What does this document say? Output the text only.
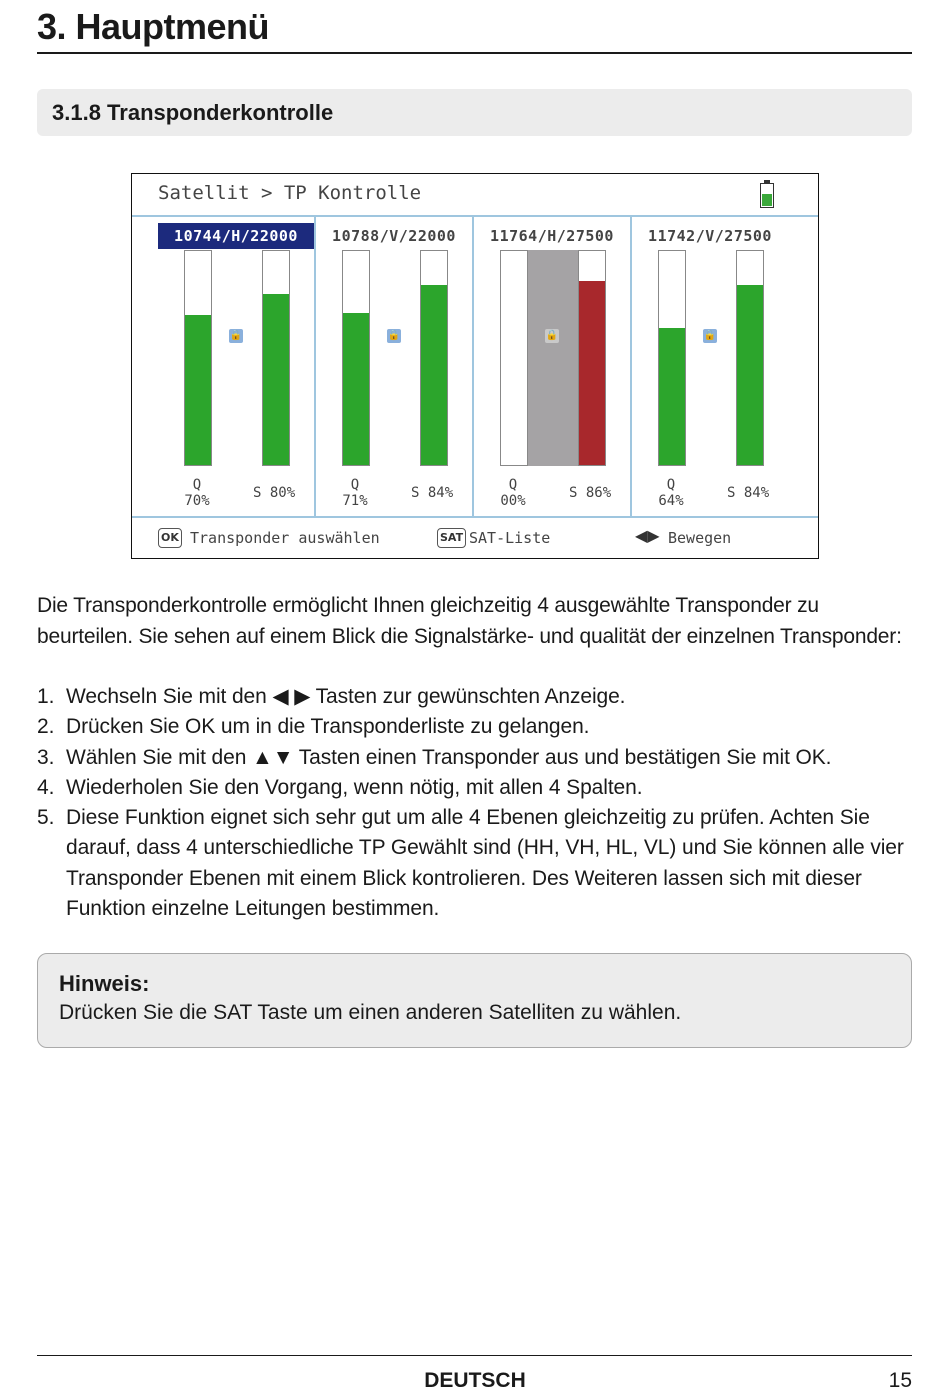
3. Hauptmenü
3.1.8 Transponderkontrolle
Satellit > TP Kontrolle
10744/H/22000
🔒
Q
70%	S 80%
10788/V/22000
🔒
Q
71%	S 84%
11764/H/27500
🔒
Q
00%	S 86%
11742/V/27500
🔒
Q
64%	S 84%
OK Transponder auswählen	SAT SAT-Liste	◀▶ Bewegen
Die Transponderkontrolle ermöglicht Ihnen gleichzeitig 4 ausgewählte Transponder zu beurteilen. Sie sehen auf einem Blick die Signalstärke- und qualität der einzelnen Transponder:
1. Wechseln Sie mit den ◀ ▶ Tasten zur gewünschten Anzeige.
2. Drücken Sie OK um in die Transponderliste zu gelangen.
3. Wählen Sie mit den ▲▼ Tasten einen Transponder aus und bestätigen Sie mit OK.
4. Wiederholen Sie den Vorgang, wenn nötig, mit allen 4 Spalten.
5. Diese Funktion eignet sich sehr gut um alle 4 Ebenen gleichzeitig zu prüfen. Achten Sie darauf, dass 4 unterschiedliche TP Gewählt sind (HH, VH, HL, VL) und Sie können alle vier Transponder Ebenen mit einem Blick kontrolieren. Des Weiteren lassen sich mit dieser Funktion einzelne Leitungen bestimmen.
Hinweis:
Drücken Sie die SAT Taste um einen anderen Satelliten zu wählen.
DEUTSCH	15
